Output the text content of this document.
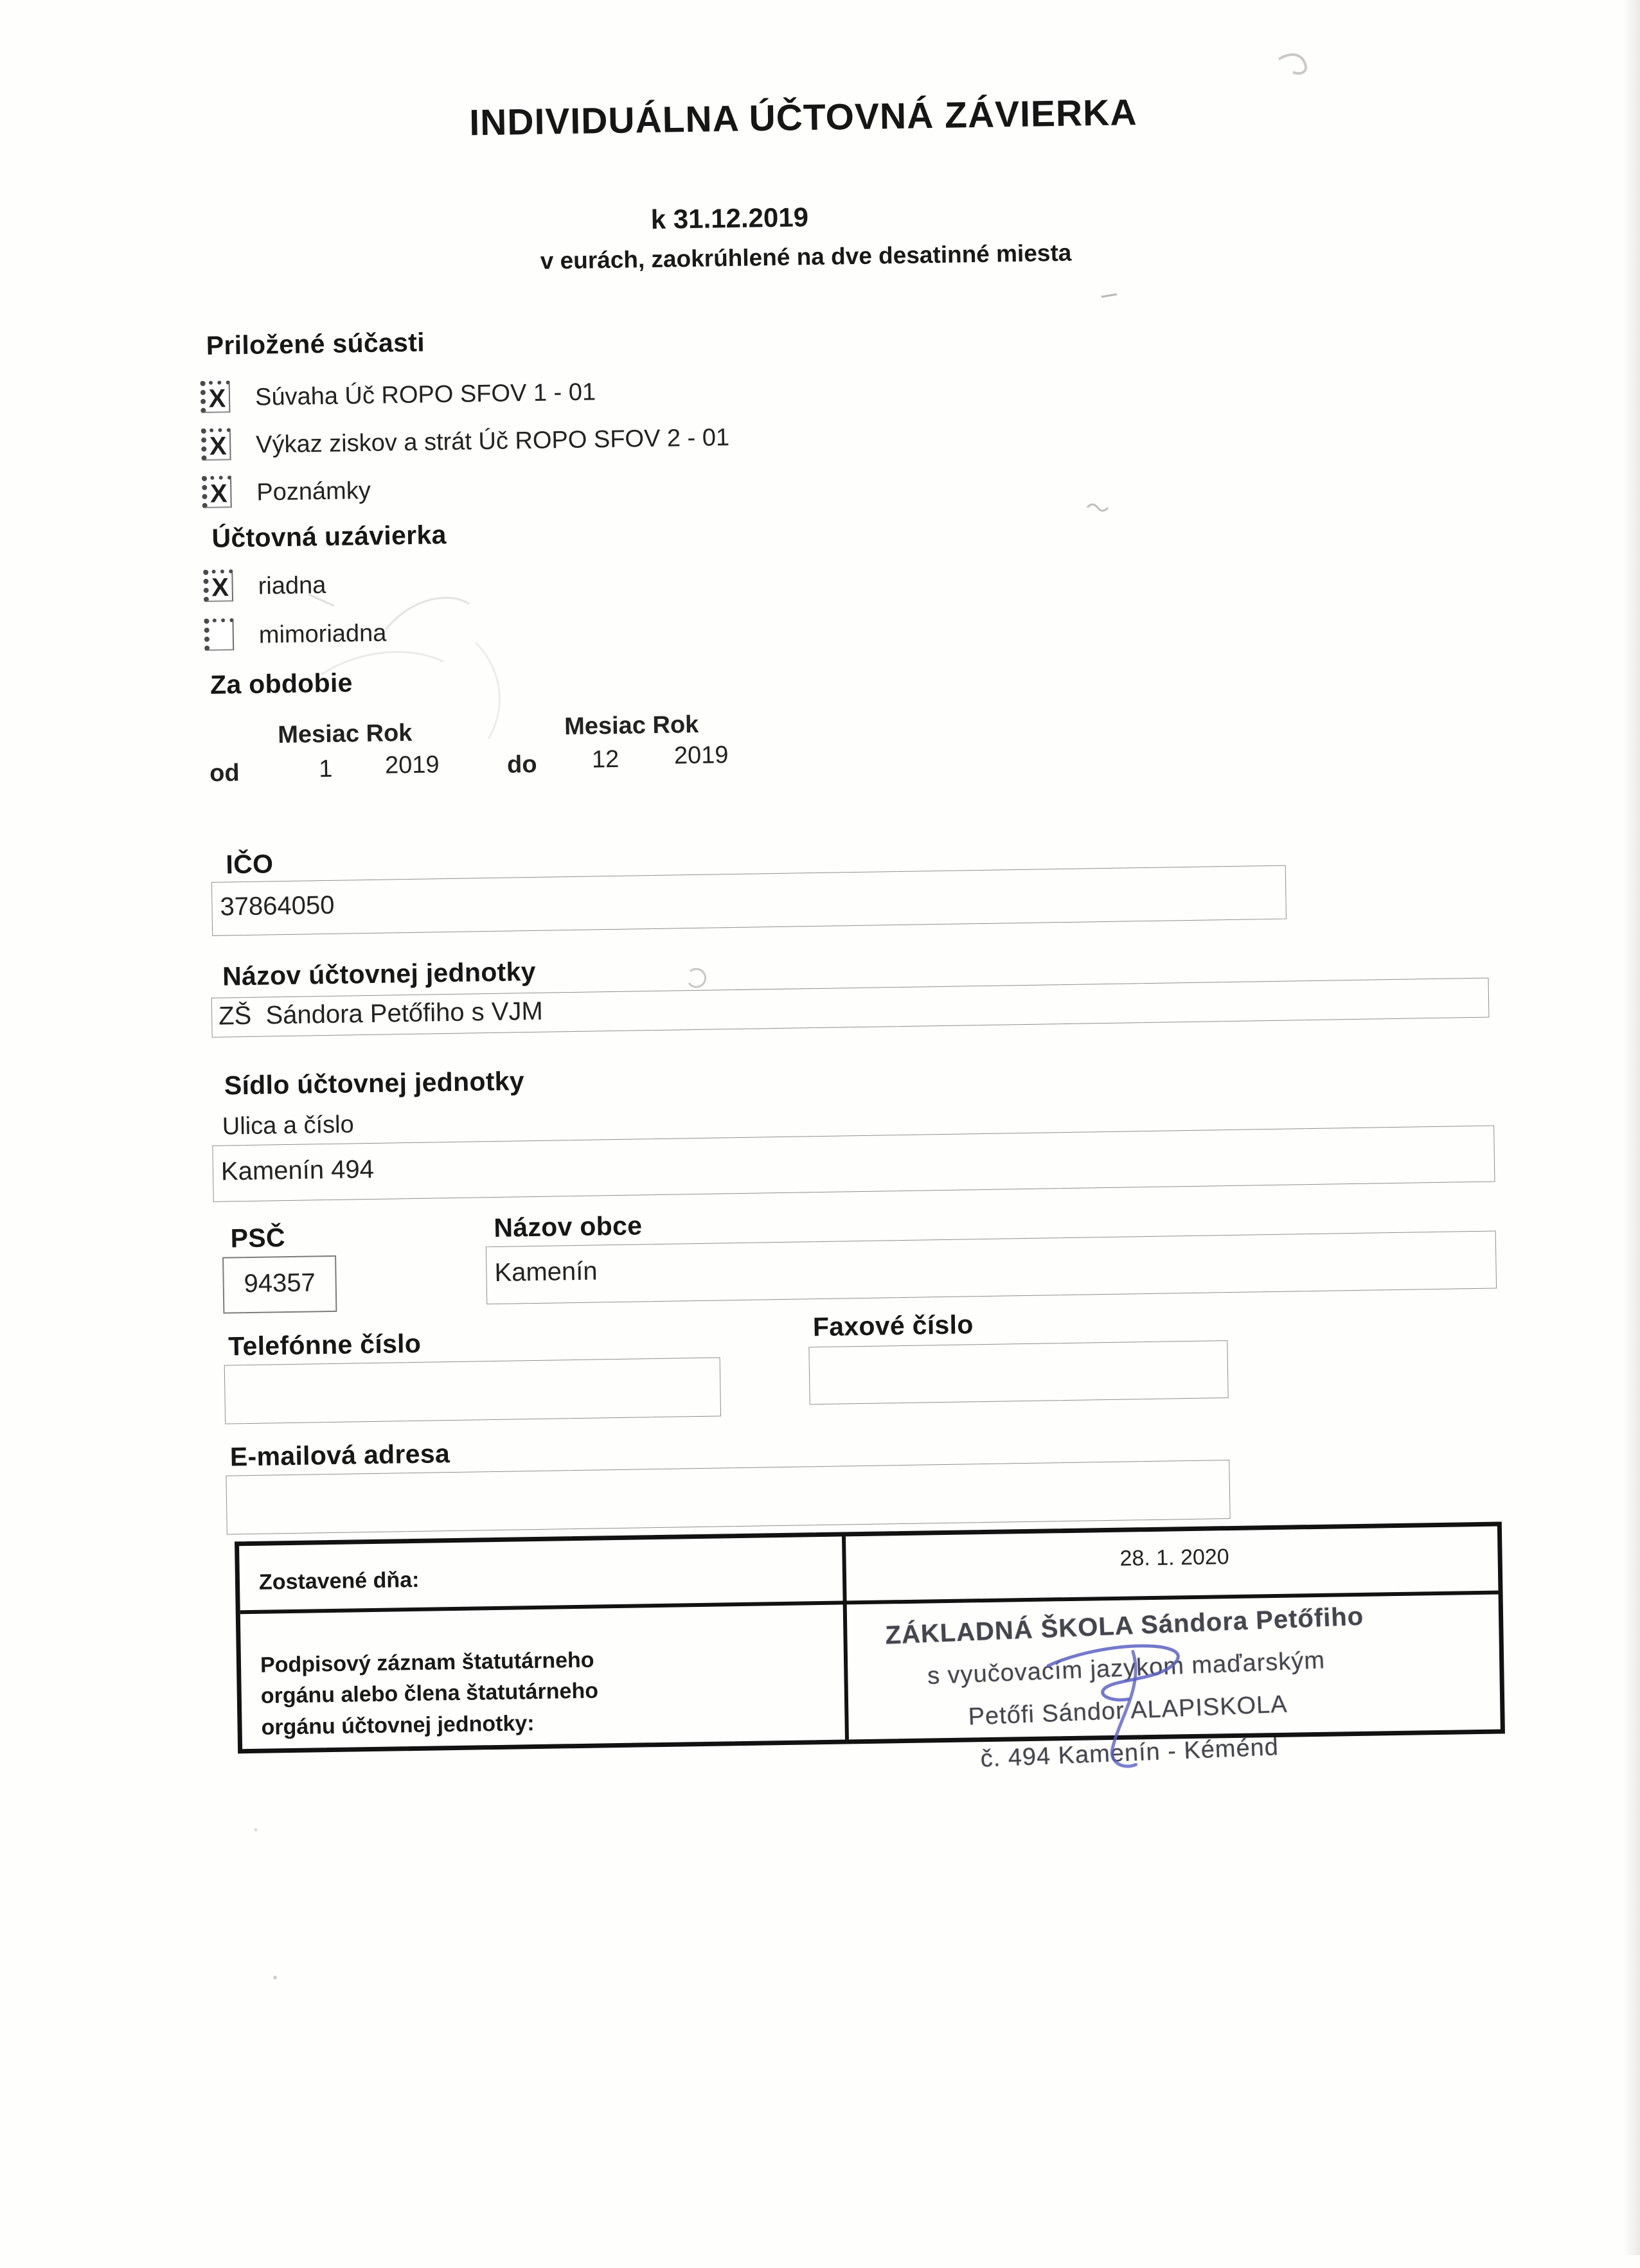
INDIVIDUÁLNA ÚČTOVNÁ ZÁVIERKA
k 31.12.2019
v eurách, zaokrúhlené na dve desatinné miesta
Priložené súčasti
X Súvaha Úč ROPO SFOV 1 - 01
X Výkaz ziskov a strát Úč ROPO SFOV 2 - 01
X Poznámky
Účtovná uzávierka
X riadna
mimoriadna
Za obdobie
Mesiac Rok	Mesiac Rok
od	1 2019	do 12 2019
IČO
37864050
Názov účtovnej jednotky
ZŠ  Sándora Petőfiho s VJM
Sídlo účtovnej jednotky
Ulica a číslo
Kamenín 494
PSČ	Názov obce
94357	Kamenín
Telefónne číslo
Faxové číslo
E-mailová adresa
Zostavené dňa:
28. 1. 2020
Podpisový záznam štatutárneho orgánu alebo člena štatutárneho orgánu účtovnej jednotky:
ZÁKLADNÁ ŠKOLA Sándora Petőfiho
s vyučovacím jazykom maďarským
Petőfi Sándor ALAPISKOLA
č. 494 Kamenín - Kéménd
